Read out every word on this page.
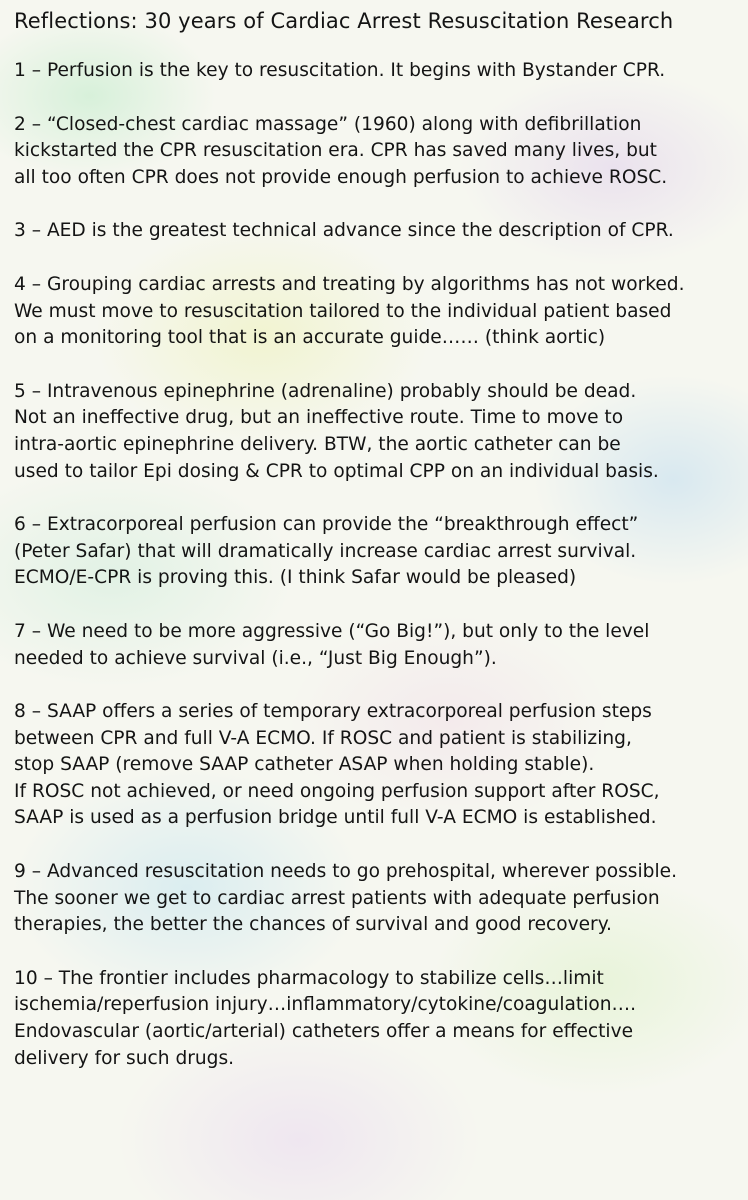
Reflections: 30 years of Cardiac Arrest Resuscitation Research
1 – Perfusion is the key to resuscitation. It begins with Bystander CPR.
2 – “Closed-chest cardiac massage” (1960) along with defibrillation
kickstarted the CPR resuscitation era. CPR has saved many lives, but
all too often CPR does not provide enough perfusion to achieve ROSC.
3 – AED is the greatest technical advance since the description of CPR.
4 – Grouping cardiac arrests and treating by algorithms has not worked.
We must move to resuscitation tailored to the individual patient based
on a monitoring tool that is an accurate guide…… (think aortic)
5 – Intravenous epinephrine (adrenaline) probably should be dead.
Not an ineffective drug, but an ineffective route. Time to move to
intra-aortic epinephrine delivery. BTW, the aortic catheter can be
used to tailor Epi dosing & CPR to optimal CPP on an individual basis.
6 – Extracorporeal perfusion can provide the “breakthrough effect”
(Peter Safar) that will dramatically increase cardiac arrest survival.
ECMO/E-CPR is proving this. (I think Safar would be pleased)
7 – We need to be more aggressive (“Go Big!”), but only to the level
needed to achieve survival (i.e., “Just Big Enough”).
8 – SAAP offers a series of temporary extracorporeal perfusion steps
between CPR and full V-A ECMO. If ROSC and patient is stabilizing,
stop SAAP (remove SAAP catheter ASAP when holding stable).
If ROSC not achieved, or need ongoing perfusion support after ROSC,
SAAP is used as a perfusion bridge until full V-A ECMO is established.
9 – Advanced resuscitation needs to go prehospital, wherever possible.
The sooner we get to cardiac arrest patients with adequate perfusion
therapies, the better the chances of survival and good recovery.
10 – The frontier includes pharmacology to stabilize cells…limit
ischemia/reperfusion injury…inflammatory/cytokine/coagulation….
Endovascular (aortic/arterial) catheters offer a means for effective
delivery for such drugs.
